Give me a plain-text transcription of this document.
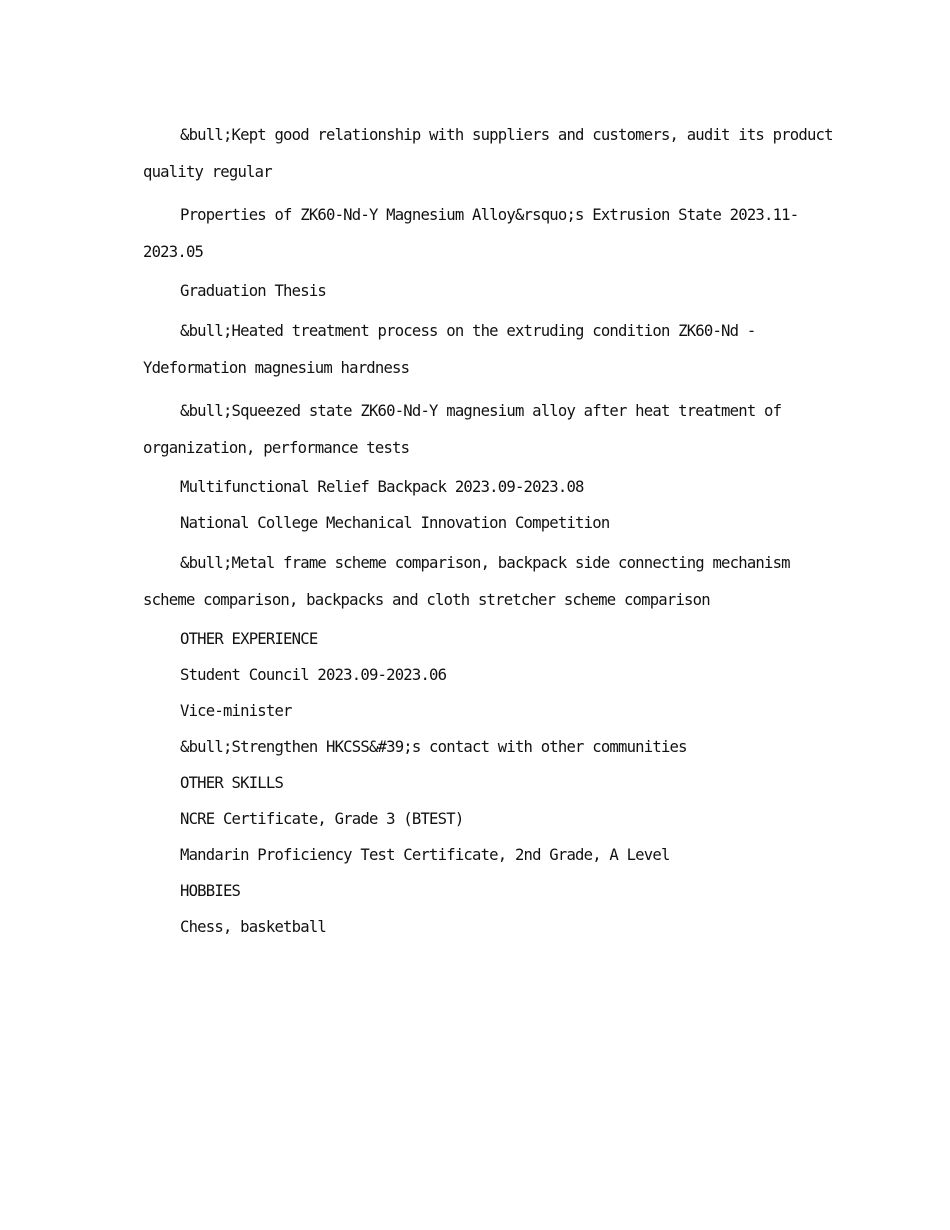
&bull;Kept good relationship with suppliers and customers, audit its product quality regular

Properties of ZK60-Nd-Y Magnesium Alloy&rsquo;s Extrusion State 2023.11-2023.05

Graduation Thesis

&bull;Heated treatment process on the extruding condition ZK60-Nd -Ydeformation magnesium hardness

&bull;Squeezed state ZK60-Nd-Y magnesium alloy after heat treatment of organization, performance tests

Multifunctional Relief Backpack 2023.09-2023.08

National College Mechanical Innovation Competition

&bull;Metal frame scheme comparison, backpack side connecting mechanism scheme comparison, backpacks and cloth stretcher scheme comparison

OTHER EXPERIENCE

Student Council 2023.09-2023.06

Vice-minister

&bull;Strengthen HKCSS&#39;s contact with other communities

OTHER SKILLS

NCRE Certificate, Grade 3 (BTEST)

Mandarin Proficiency Test Certificate, 2nd Grade, A Level

HOBBIES

Chess, basketball
